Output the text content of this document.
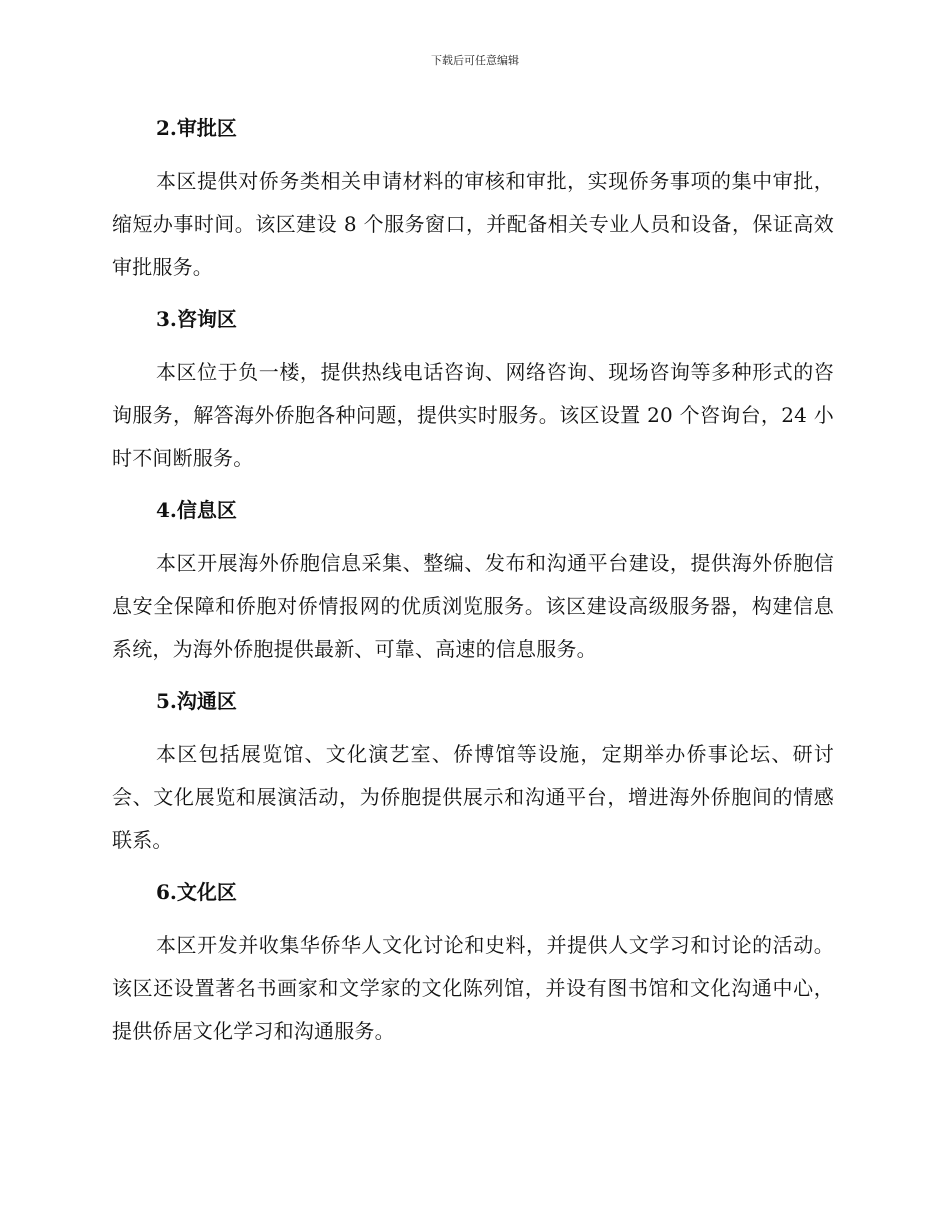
下载后可任意编辑
2.审批区

本区提供对侨务类相关申请材料的审核和审批，实现侨务事项的集中审批，缩短办事时间。该区建设 8 个服务窗口，并配备相关专业人员和设备，保证高效审批服务。

3.咨询区

本区位于负一楼，提供热线电话咨询、网络咨询、现场咨询等多种形式的咨询服务，解答海外侨胞各种问题，提供实时服务。该区设置 20 个咨询台，24 小时不间断服务。

4.信息区

本区开展海外侨胞信息采集、整编、发布和沟通平台建设，提供海外侨胞信息安全保障和侨胞对侨情报网的优质浏览服务。该区建设高级服务器，构建信息系统，为海外侨胞提供最新、可靠、高速的信息服务。

5.沟通区

本区包括展览馆、文化演艺室、侨博馆等设施，定期举办侨事论坛、研讨会、文化展览和展演活动，为侨胞提供展示和沟通平台，增进海外侨胞间的情感联系。

6.文化区

本区开发并收集华侨华人文化讨论和史料，并提供人文学习和讨论的活动。该区还设置著名书画家和文学家的文化陈列馆，并设有图书馆和文化沟通中心，提供侨居文化学习和沟通服务。
